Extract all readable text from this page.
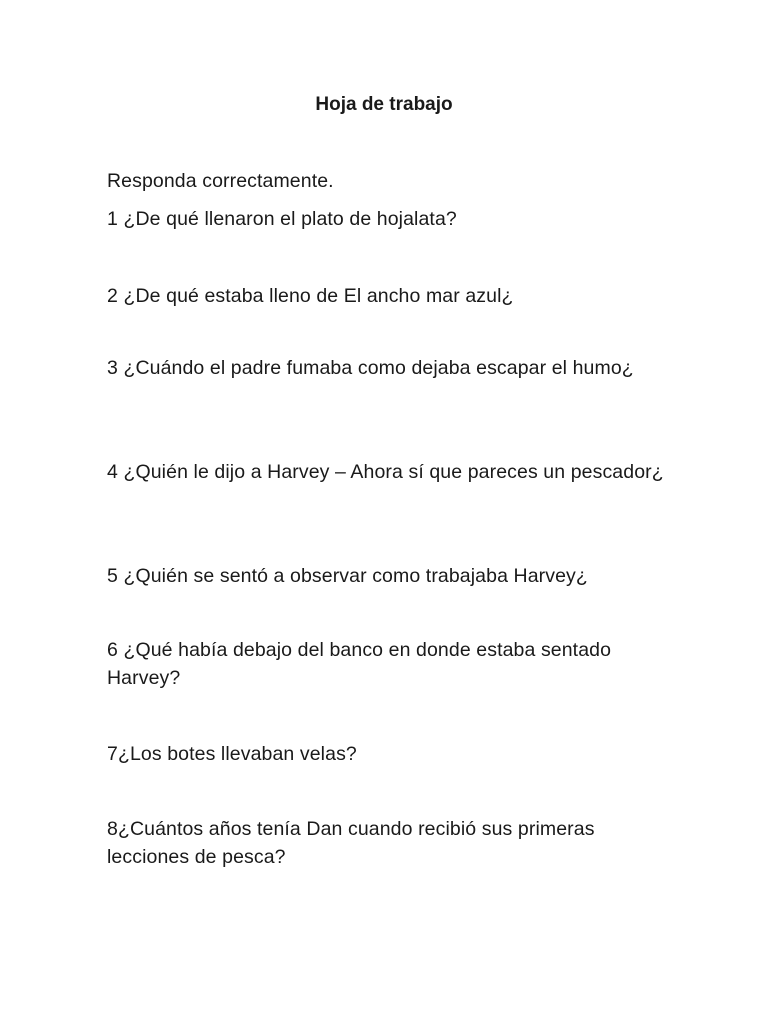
Hoja de trabajo
Responda correctamente.
1 ¿De qué llenaron el plato de hojalata?
2 ¿De qué estaba lleno de El ancho mar azul¿
3 ¿Cuándo el padre fumaba como dejaba escapar el humo¿
4 ¿Quién le dijo a Harvey – Ahora sí que pareces un pescador¿
5 ¿Quién se sentó a observar como trabajaba Harvey¿
6 ¿Qué había debajo del banco en donde estaba sentado Harvey?
7¿Los botes llevaban velas?
8¿Cuántos años tenía Dan cuando recibió sus primeras lecciones de pesca?
